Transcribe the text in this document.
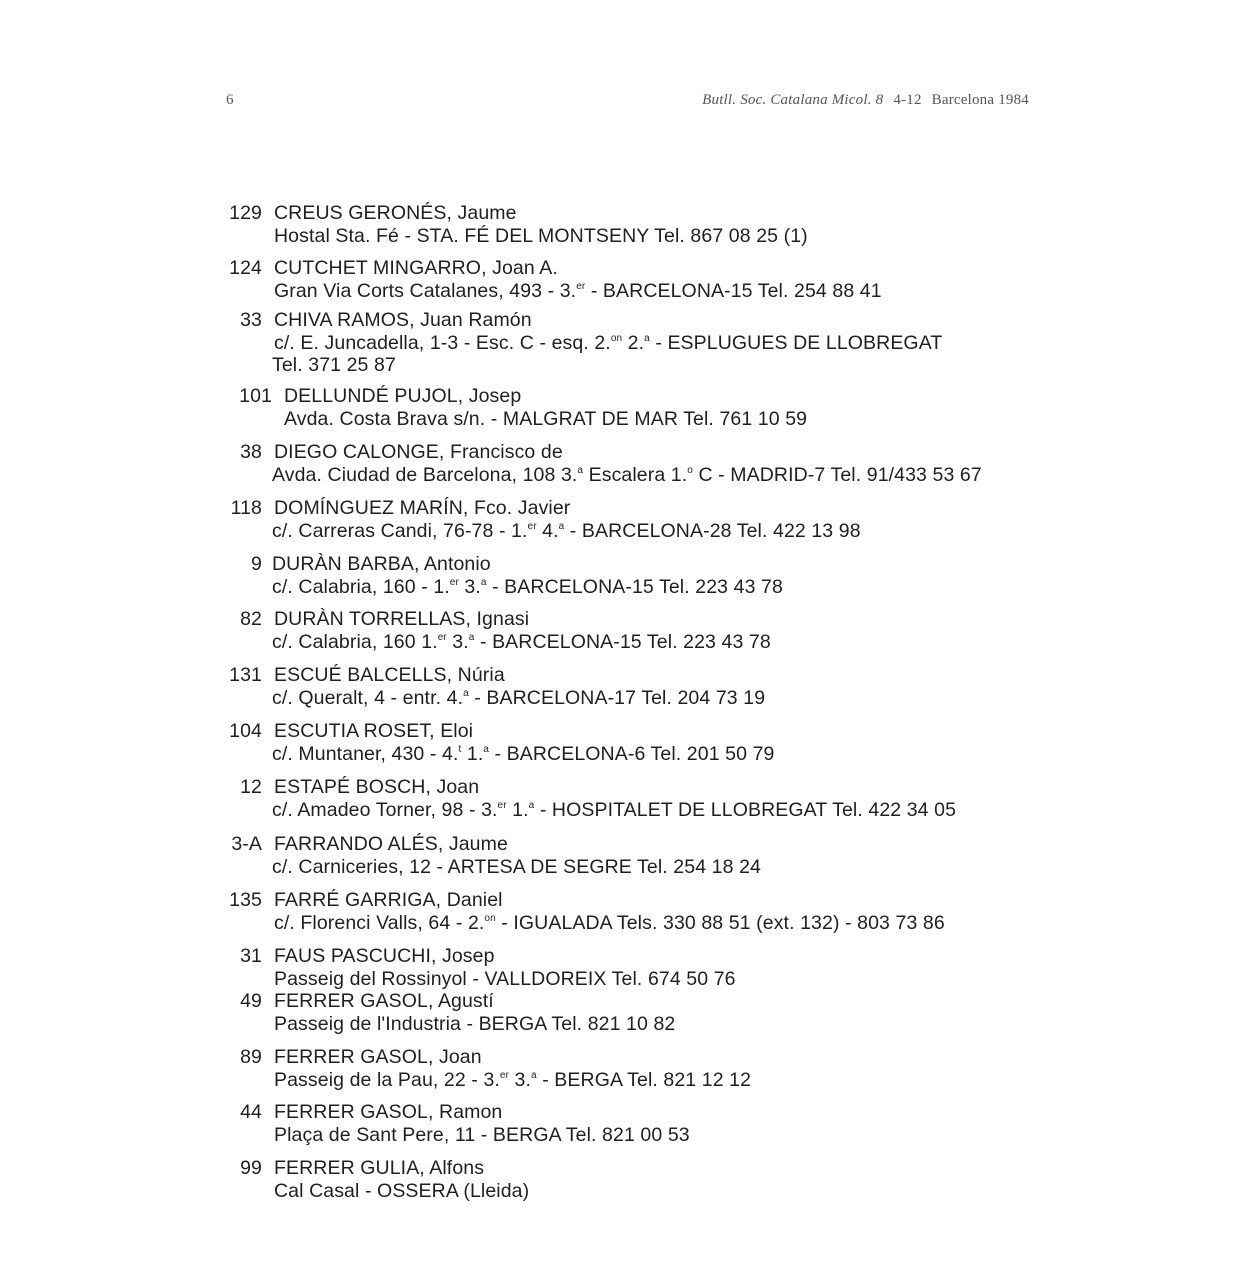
6	Butll. Soc. Catalana Micol. 8 4-12 Barcelona 1984
129 CREUS GERONÉS, Jaume
Hostal Sta. Fé - STA. FÉ DEL MONTSENY Tel. 867 08 25 (1)
124 CUTCHET MINGARRO, Joan A.
Gran Via Corts Catalanes, 493 - 3.$^{er}$ - BARCELONA-15 Tel. 254 88 41
33 CHIVA RAMOS, Juan Ramón
c/. E. Juncadella, 1-3 - Esc. C - esq. 2.$^{on}$ 2.$^a$ - ESPLUGUES DE LLOBREGAT
Tel. 371 25 87
101 DELLUNDÉ PUJOL, Josep
Avda. Costa Brava s/n. - MALGRAT DE MAR Tel. 761 10 59
38 DIEGO CALONGE, Francisco de
Avda. Ciudad de Barcelona, 108 3.$^a$ Escalera 1.$^o$ C - MADRID-7 Tel. 91/433 53 67
118 DOMÍNGUEZ MARÍN, Fco. Javier
c/. Carreras Candi, 76-78 - 1.$^{er}$ 4.$^a$ - BARCELONA-28 Tel. 422 13 98
9 DURÀN BARBA, Antonio
c/. Calabria, 160 - 1.$^{er}$ 3.$^a$ - BARCELONA-15 Tel. 223 43 78
82 DURÀN TORRELLAS, Ignasi
c/. Calabria, 160 1.$^{er}$ 3.$^a$ - BARCELONA-15 Tel. 223 43 78
131 ESCUÉ BALCELLS, Núria
c/. Queralt, 4 - entr. 4.$^a$ - BARCELONA-17 Tel. 204 73 19
104 ESCUTIA ROSET, Eloi
c/. Muntaner, 430 - 4.$^t$ 1.$^a$ - BARCELONA-6 Tel. 201 50 79
12 ESTAPÉ BOSCH, Joan
c/. Amadeo Torner, 98 - 3.$^{er}$ 1.$^a$ - HOSPITALET DE LLOBREGAT Tel. 422 34 05
3-A FARRANDO ALÉS, Jaume
c/. Carniceries, 12 - ARTESA DE SEGRE Tel. 254 18 24
135 FARRÉ GARRIGA, Daniel
c/. Florenci Valls, 64 - 2.$^{on}$ - IGUALADA Tels. 330 88 51 (ext. 132) - 803 73 86
31 FAUS PASCUCHI, Josep
Passeig del Rossinyol - VALLDOREIX Tel. 674 50 76
49 FERRER GASOL, Agustí
Passeig de l'Industria - BERGA Tel. 821 10 82
89 FERRER GASOL, Joan
Passeig de la Pau, 22 - 3.$^{er}$ 3.$^a$ - BERGA Tel. 821 12 12
44 FERRER GASOL, Ramon
Plaça de Sant Pere, 11 - BERGA Tel. 821 00 53
99 FERRER GULIA, Alfons
Cal Casal - OSSERA (Lleida)
